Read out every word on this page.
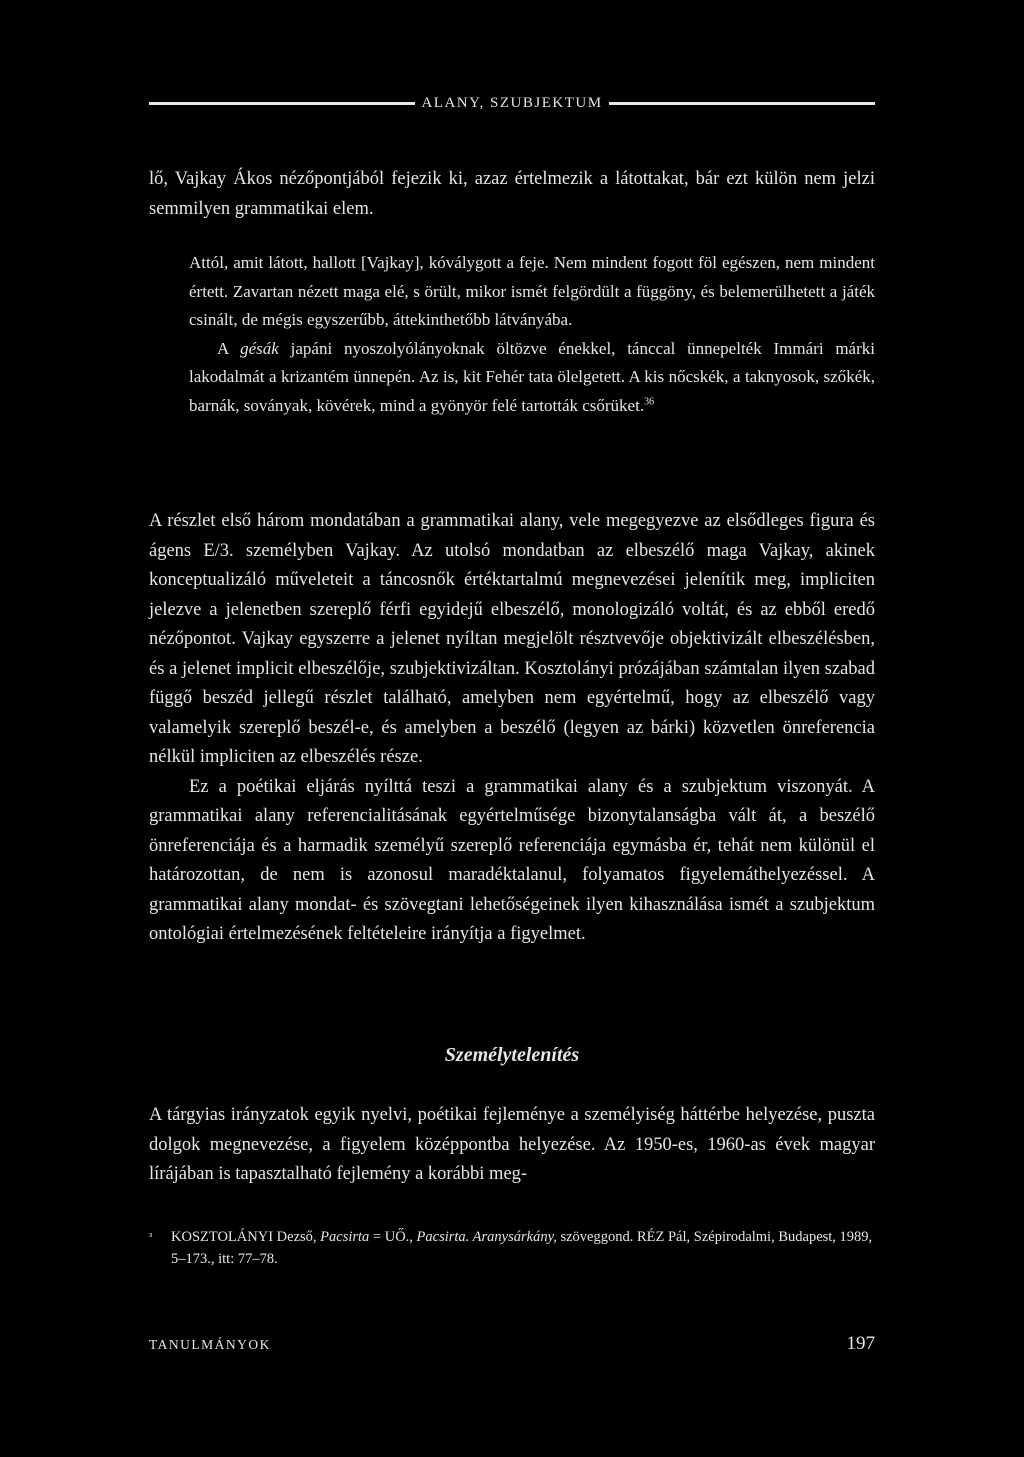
ALANY, SZUBJEKTUM

lő, Vajkay Ákos nézőpontjából fejezik ki, azaz értelmezik a látottakat, bár ezt külön nem jelzi semmilyen grammatikai elem.

Attól, amit látott, hallott [Vajkay], kóválygott a feje. Nem mindent fogott föl egészen, nem mindent értett. Zavartan nézett maga elé, s örült, mikor ismét felgördült a függöny, és belemerülhetett a játék csinált, de mégis egyszerűbb, áttekinthetőbb látványába.

A gésák japáni nyoszolyólányoknak öltözve énekkel, tánccal ünnepelték Immári márki lakodalmát a krizantém ünnepén. Az is, kit Fehér tata ölelgetett. A kis nőcskék, a taknyosok, szőkék, barnák, soványak, kövérek, mind a gyönyör felé tartották csőrüket.$^{36}$

A részlet első három mondatában a grammatikai alany, vele megegyezve az elsődleges figura és ágens E/3. személyben Vajkay. Az utolsó mondatban az elbeszélő maga Vajkay, akinek konceptualizáló műveleteit a táncosnők értéktartalmú megnevezései jelenítik meg, impliciten jelezve a jelenetben szereplő férfi egyidejű elbeszélő, monologizáló voltát, és az ebből eredő nézőpontot. Vajkay egyszerre a jelenet nyíltan megjelölt résztvevője objektivizált elbeszélésben, és a jelenet implicit elbeszélője, szubjektivizáltan. Kosztolányi prózájában számtalan ilyen szabad függő beszéd jellegű részlet található, amelyben nem egyértelmű, hogy az elbeszélő vagy valamelyik szereplő beszél-e, és amelyben a beszélő (legyen az bárki) közvetlen önreferencia nélkül impliciten az elbeszélés része.

Ez a poétikai eljárás nyílttá teszi a grammatikai alany és a szubjektum viszonyát. A grammatikai alany referencialitásának egyértelműsége bizonytalanságba vált át, a beszélő önreferenciája és a harmadik személyű szereplő referenciája egymásba ér, tehát nem különül el határozottan, de nem is azonosul maradéktalanul, folyamatos figyelemáthelyezéssel. A grammatikai alany mondat- és szövegtani lehetőségeinek ilyen kihasználása ismét a szubjektum ontológiai értelmezésének feltételeire irányítja a figyelmet.

Személytelenítés

A tárgyias irányzatok egyik nyelvi, poétikai fejleménye a személyiség háttérbe helyezése, puszta dolgok megnevezése, a figyelem középpontba helyezése. Az 1950-es, 1960-as évek magyar lírájában is tapasztalható fejlemény a korábbi meg-

³	KOSZTOLÁNYI Dezső, Pacsirta = UŐ., Pacsirta. Aranysárkány, szöveggond. RÉZ Pál, Szépirodalmi, Budapest, 1989, 5–173., itt: 77–78.
TANULMÁNYOK	197
